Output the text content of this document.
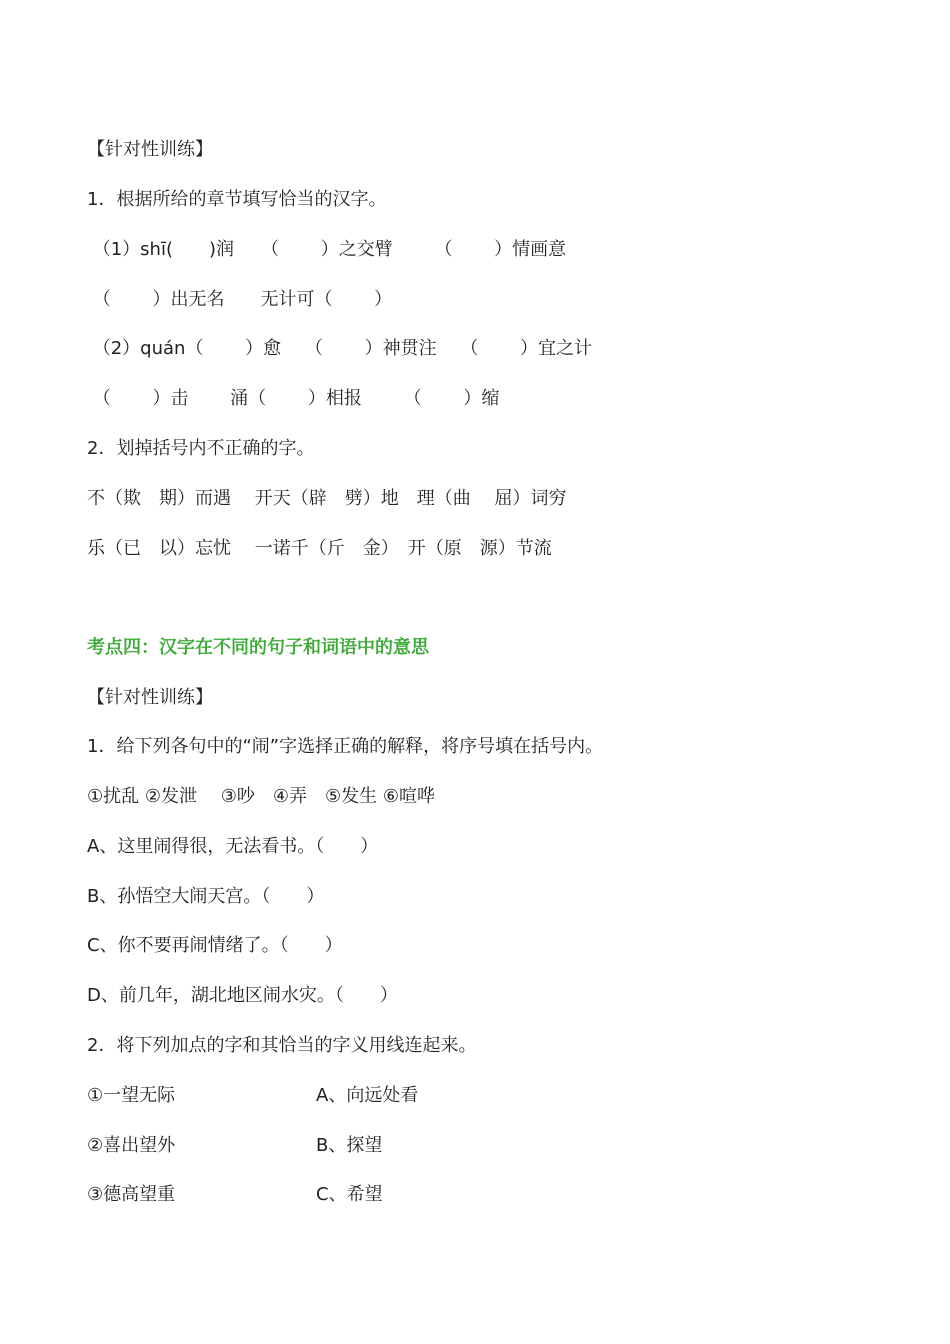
【针对性训练】
1．根据所给的章节填写恰当的汉字。
（1）shī(　　)润　　（　　 ）之交臂　　 （　　 ）情画意
（　　 ）出无名　　无计可（　　 ）
（2）quán（　　 ）愈　 （　　 ）神贯注　 （　　 ）宜之计
（　　 ）击　　 涌（　　 ）相报　　 （　　 ）缩
2．划掉括号内不正确的字。
不（欺　期）而遇　 开天（辟　劈）地　理（曲　 屈）词穷
乐（已　以）忘忧　 一诺千（斤　金）　开（原　源）节流
考点四：汉字在不同的句子和词语中的意思
【针对性训练】
1．给下列各句中的“闹”字选择正确的解释，将序号填在括号内。
①扰乱 ②发泄　 ③吵　④弄　⑤发生 ⑥喧哗
A、这里闹得很，无法看书。（　　）
B、孙悟空大闹天宫。（　　）
C、你不要再闹情绪了。（　　）
D、前几年，湖北地区闹水灾。（　　）
2．将下列加点的字和其恰当的字义用线连起来。
①一望无际	A、向远处看
②喜出望外	B、探望
③德高望重	C、希望
